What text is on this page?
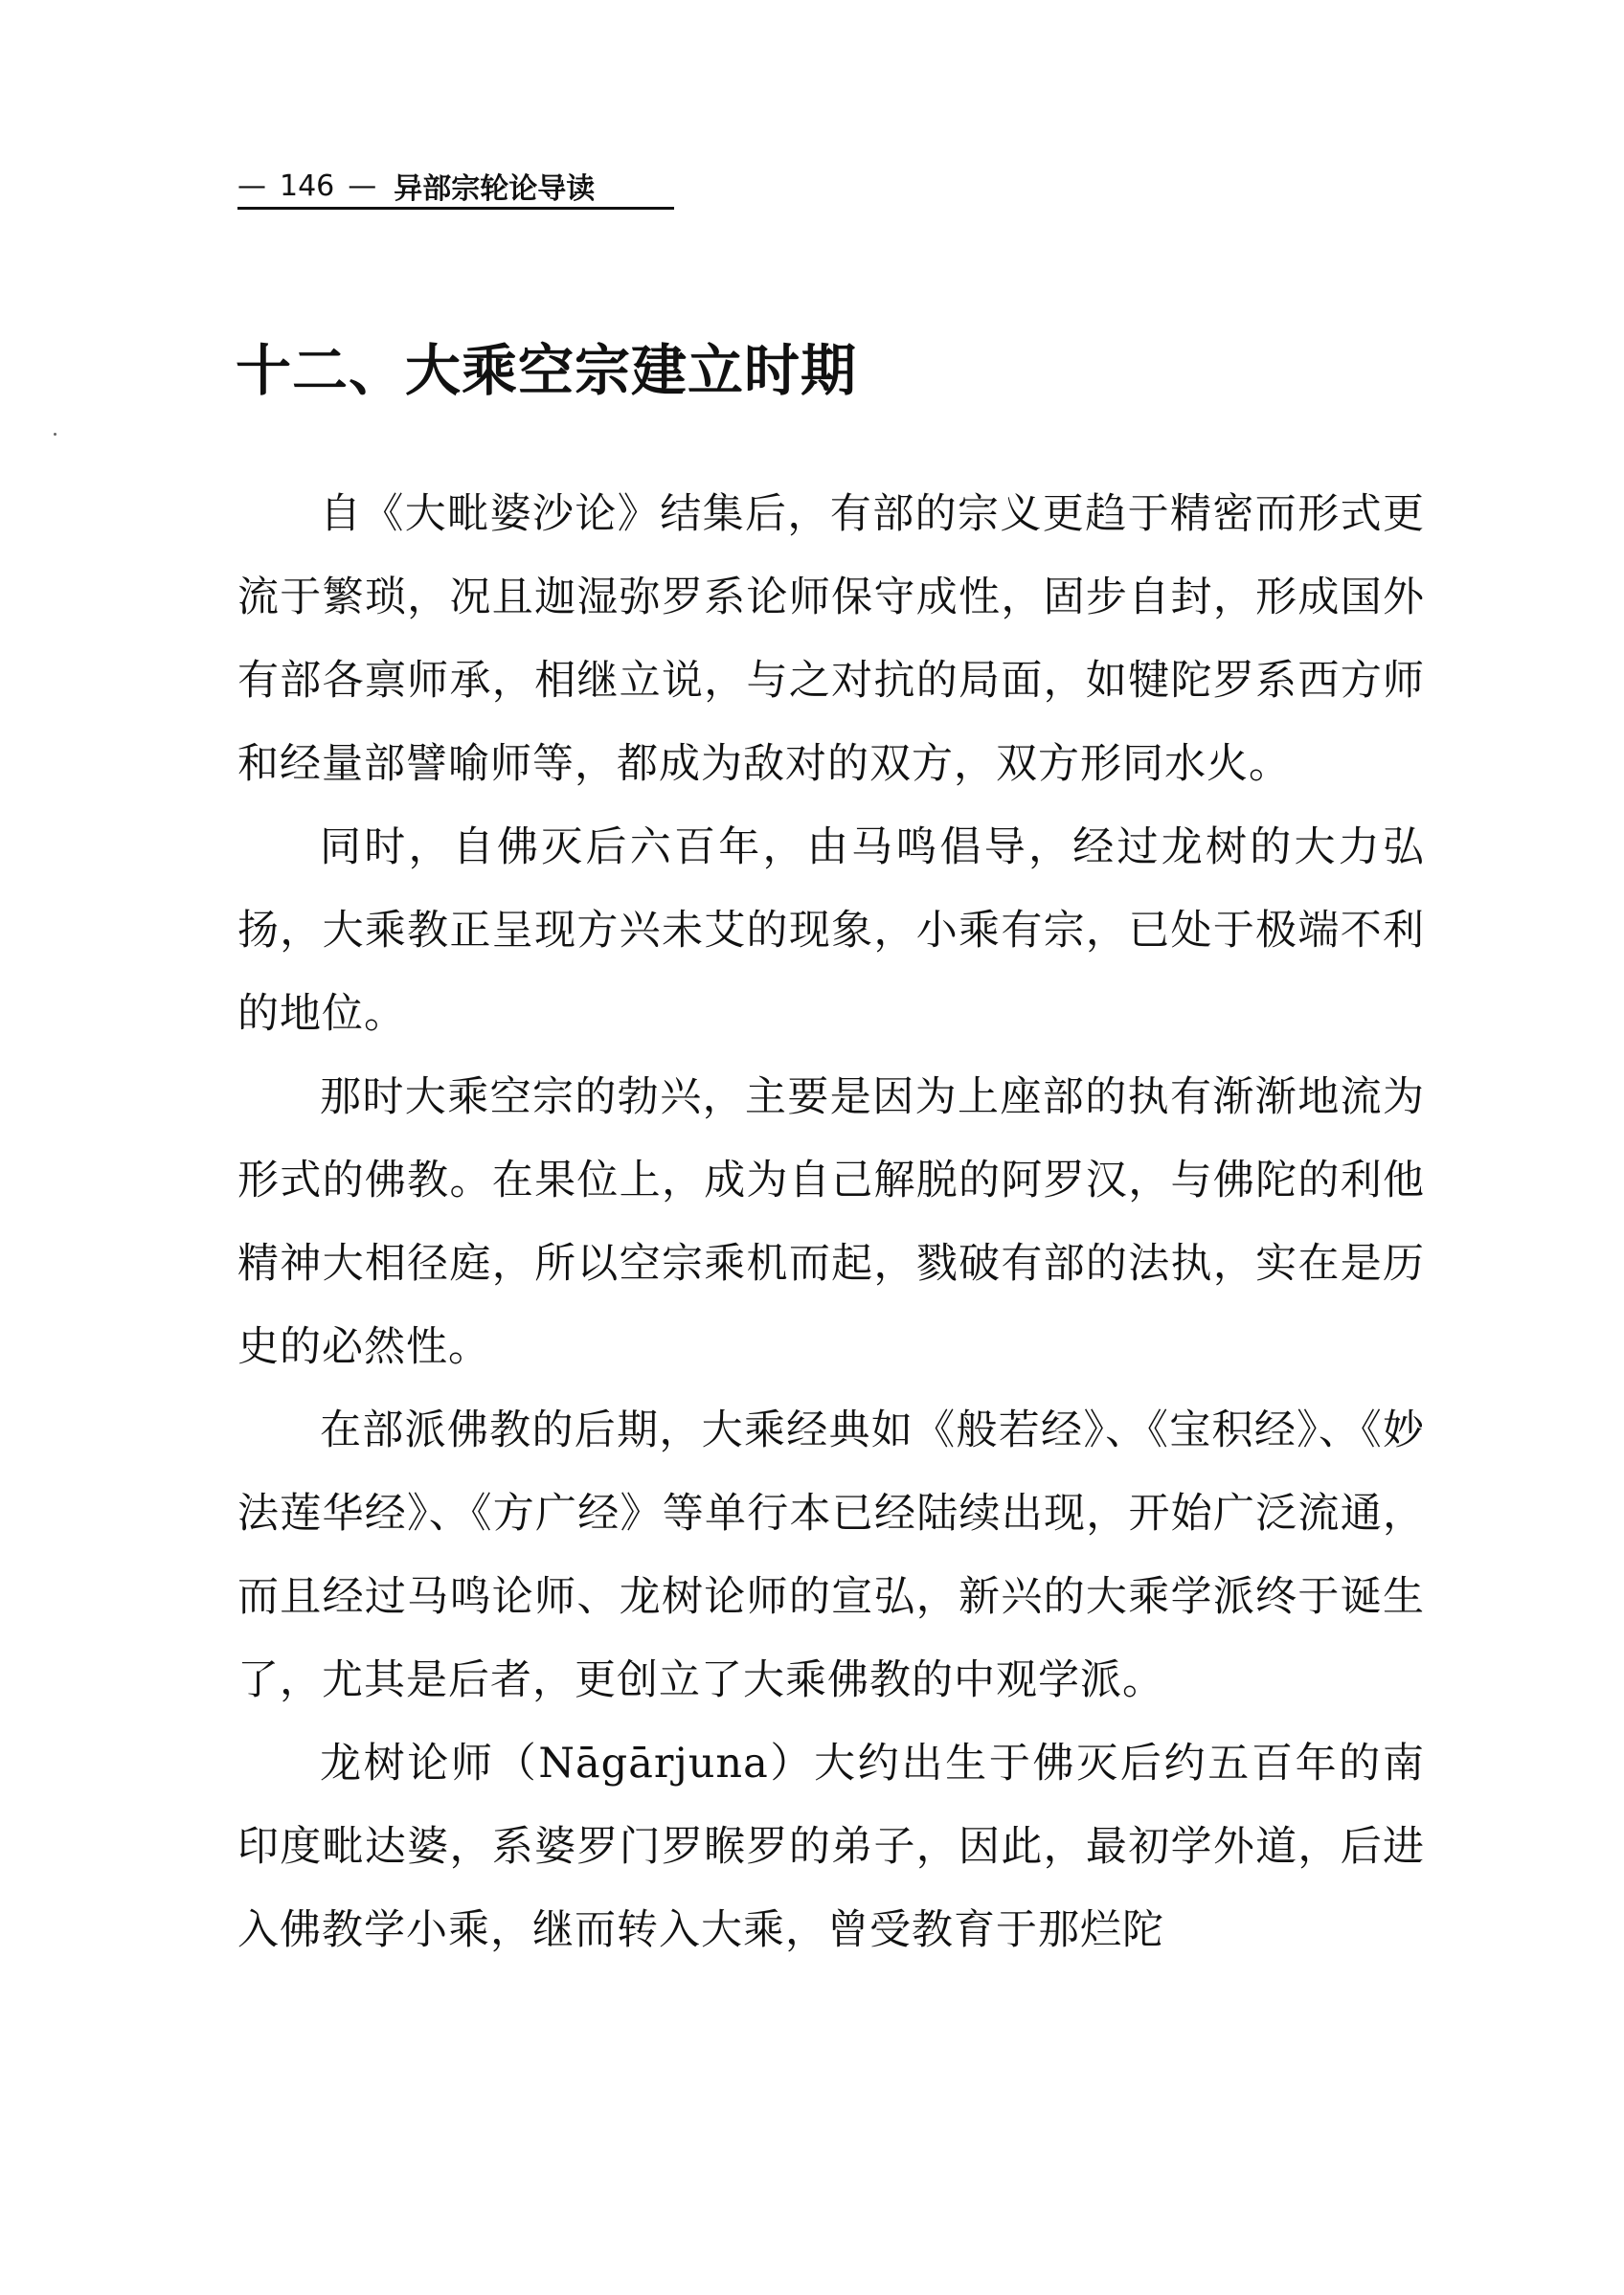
— 146 — 异部宗轮论导读
十二、大乘空宗建立时期

自《大毗婆沙论》结集后，有部的宗义更趋于精密而形式更流于繁琐，况且迦湿弥罗系论师保守成性，固步自封，形成国外有部各禀师承，相继立说，与之对抗的局面，如犍陀罗系西方师和经量部譬喻师等，都成为敌对的双方，双方形同水火。

同时，自佛灭后六百年，由马鸣倡导，经过龙树的大力弘扬，大乘教正呈现方兴未艾的现象，小乘有宗，已处于极端不利的地位。

那时大乘空宗的勃兴，主要是因为上座部的执有渐渐地流为形式的佛教。在果位上，成为自己解脱的阿罗汉，与佛陀的利他精神大相径庭，所以空宗乘机而起，戮破有部的法执，实在是历史的必然性。

在部派佛教的后期，大乘经典如《般若经》、《宝积经》、《妙法莲华经》、《方广经》等单行本已经陆续出现，开始广泛流通，而且经过马鸣论师、龙树论师的宣弘，新兴的大乘学派终于诞生了，尤其是后者，更创立了大乘佛教的中观学派。

龙树论师（Nāgārjuna）大约出生于佛灭后约五百年的南印度毗达婆，系婆罗门罗睺罗的弟子，因此，最初学外道，后进入佛教学小乘，继而转入大乘，曾受教育于那烂陀
